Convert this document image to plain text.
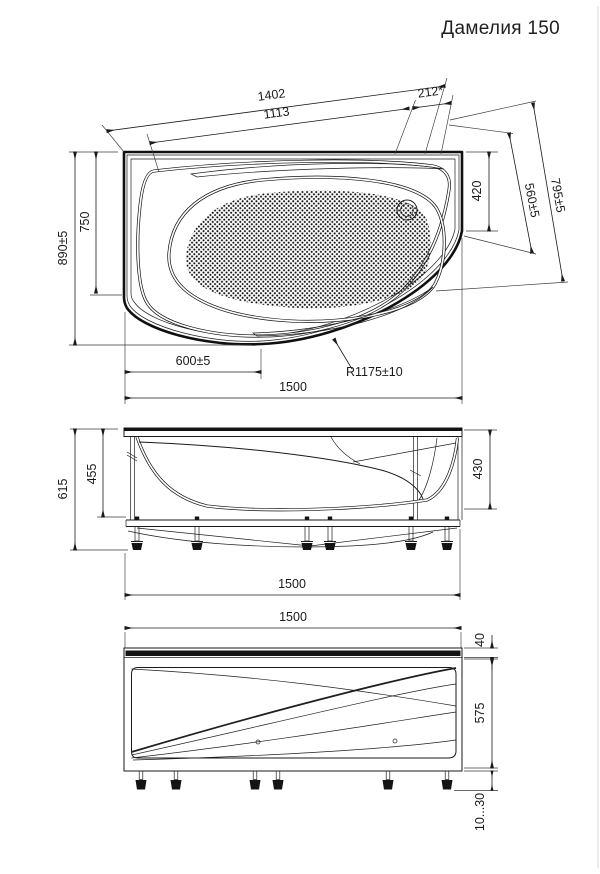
Дамелия 150
1402
1113
212*
795±5
560±5
420
890±5
750
600±5
1500
R1175±10
615
455	430
1500
1500
40
575
10...30
